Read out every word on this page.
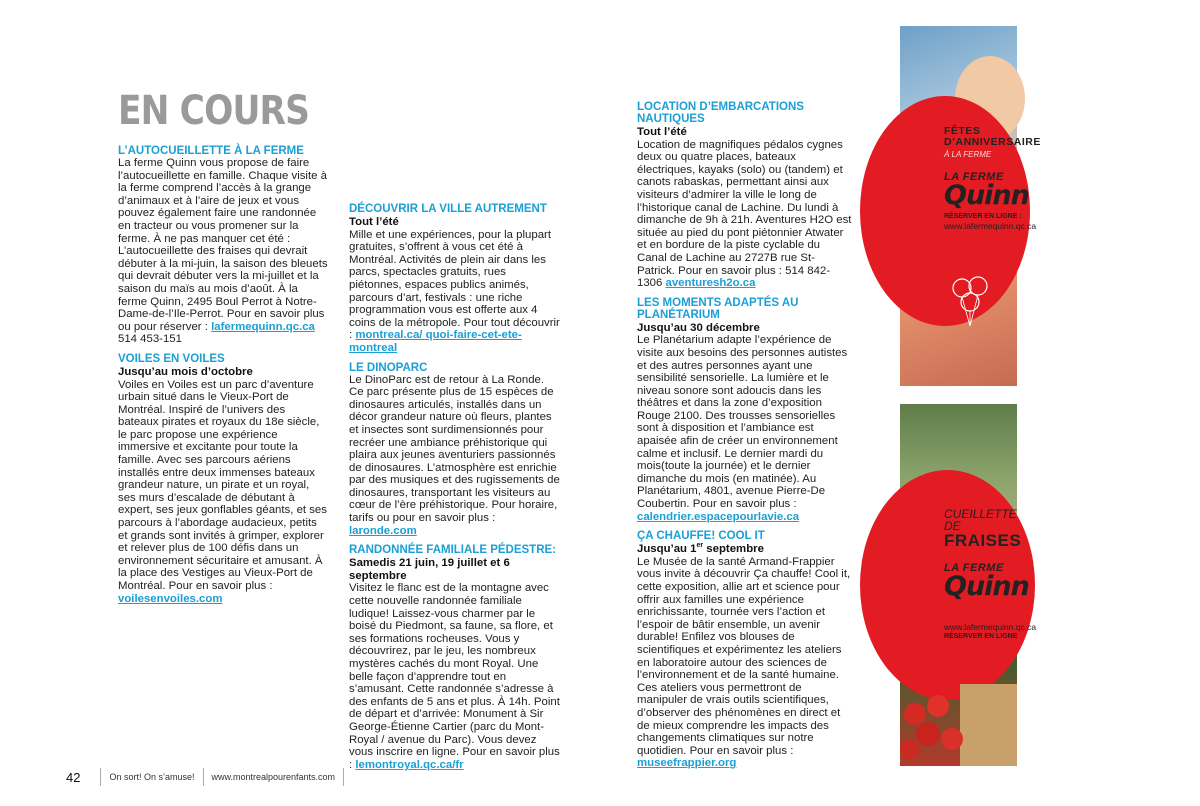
EN COURS
L’AUTOCUEILLETTE À LA FERME

La ferme Quinn vous propose de faire l’autocueillette en famille. Chaque visite à la ferme comprend l’accès à la grange d’animaux et à l’aire de jeux et vous pouvez également faire une randonnée en tracteur ou vous promener sur la ferme. À ne pas manquer cet été : L’autocueillette des fraises qui devrait débuter à la mi-juin, la saison des bleuets qui devrait débuter vers la mi-juillet et la saison du maïs au mois d’août. À la ferme Quinn, 2495 Boul Perrot à Notre-Dame-de-l’Ile-Perrot. Pour en savoir plus ou pour réserver : lafermequinn.qc.ca 514 453-151

VOILES EN VOILES
Jusqu’au mois d’octobre

Voiles en Voiles est un parc d’aventure urbain situé dans le Vieux-Port de Montréal. Inspiré de l’univers des bateaux pirates et royaux du 18e siècle, le parc propose une expérience immersive et excitante pour toute la famille. Avec ses parcours aériens installés entre deux immenses bateaux grandeur nature, un pirate et un royal, ses murs d’escalade de débutant à expert, ses jeux gonflables géants, et ses parcours à l’abordage audacieux, petits et grands sont invités à grimper, explorer et relever plus de 100 défis dans un environnement sécuritaire et amusant. À la place des Vestiges au Vieux-Port de Montréal. Pour en savoir plus : voilesenvoiles.com

DÉCOUVRIR LA VILLE AUTREMENT
Tout l’été

Mille et une expériences, pour la plupart gratuites, s’offrent à vous cet été à Montréal. Activités de plein air dans les parcs, spectacles gratuits, rues piétonnes, espaces publics animés, parcours d’art, festivals : une riche programmation vous est offerte aux 4 coins de la métropole. Pour tout découvrir : montreal.ca/ quoi-faire-cet-ete-montreal

LE DINOPARC

Le DinoParc est de retour à La Ronde. Ce parc présente plus de 15 espèces de dinosaures articulés, installés dans un décor grandeur nature où fleurs, plantes et insectes sont surdimensionnés pour recréer une ambiance préhistorique qui plaira aux jeunes aventuriers passionnés de dinosaures. L’atmosphère est enrichie par des musiques et des rugissements de dinosaures, transportant les visiteurs au cœur de l’ère préhistorique. Pour horaire, tarifs ou pour en savoir plus : laronde.com

RANDONNÉE FAMILIALE PÉDESTRE:
Samedis 21 juin, 19 juillet et 6 septembre

Visitez le flanc est de la montagne avec cette nouvelle randonnée familiale ludique! Laissez-vous charmer par le boisé du Piedmont, sa faune, sa flore, et ses formations rocheuses. Vous y découvrirez, par le jeu, les nombreux mystères cachés du mont Royal. Une belle façon d’apprendre tout en s’amusant. Cette randonnée s’adresse à des enfants de 5 ans et plus. À 14h. Point de départ et d’arrivée: Monument à Sir George-Étienne Cartier (parc du Mont-Royal / avenue du Parc). Vous devez vous inscrire en ligne. Pour en savoir plus : lemontroyal.qc.ca/fr

LOCATION D’EMBARCATIONS NAUTIQUES
Tout l’été

Location de magnifiques pédalos cygnes deux ou quatre places, bateaux électriques, kayaks (solo) ou (tandem) et canots rabaskas, permettant ainsi aux visiteurs d’admirer la ville le long de l’historique canal de Lachine. Du lundi à dimanche de 9h à 21h. Aventures H2O est située au pied du pont piétonnier Atwater et en bordure de la piste cyclable du Canal de Lachine au 2727B rue St-Patrick. Pour en savoir plus : 514 842-1306 aventuresh2o.ca

LES MOMENTS ADAPTÉS AU PLANÉTARIUM
Jusqu’au 30 décembre

Le Planétarium adapte l’expérience de visite aux besoins des personnes autistes et des autres personnes ayant une sensibilité sensorielle. La lumière et le niveau sonore sont adoucis dans les théâtres et dans la zone d’exposition Rouge 2100. Des trousses sensorielles sont à disposition et l’ambiance est apaisée afin de créer un environnement calme et inclusif. Le dernier mardi du mois(toute la journée) et le dernier dimanche du mois (en matinée). Au Planétarium, 4801, avenue Pierre-De Coubertin. Pour en savoir plus : calendrier.espacepourlavie.ca

ÇA CHAUFFE! COOL IT
Jusqu’au 1er septembre

Le Musée de la santé Armand-Frappier vous invite à découvrir Ça chauffe! Cool it, cette exposition, allie art et science pour offrir aux familles une expérience enrichissante, tournée vers l’action et l’espoir de bâtir ensemble, un avenir durable! Enfilez vos blouses de scientifiques et expérimentez les ateliers en laboratoire autour des sciences de l’environnement et de la santé humaine. Ces ateliers vous permettront de manipuler de vrais outils scientifiques, d’observer des phénomènes en direct et de mieux comprendre les impacts des changements climatiques sur notre quotidien. Pour en savoir plus : museefrappier.org

FÊTES
D’ANNIVERSAIRE
À LA FERME
LA FERME
Quinn
RÉSERVER EN LIGNE :
www.lafermequinn.qc.ca
CUEILLETTE DE
FRAISES
LA FERME
Quinn
www.lafermequinn.qc.ca
RÉSERVER EN LIGNE
42	On sort! On s’amuse! www.montrealpourenfants.com
